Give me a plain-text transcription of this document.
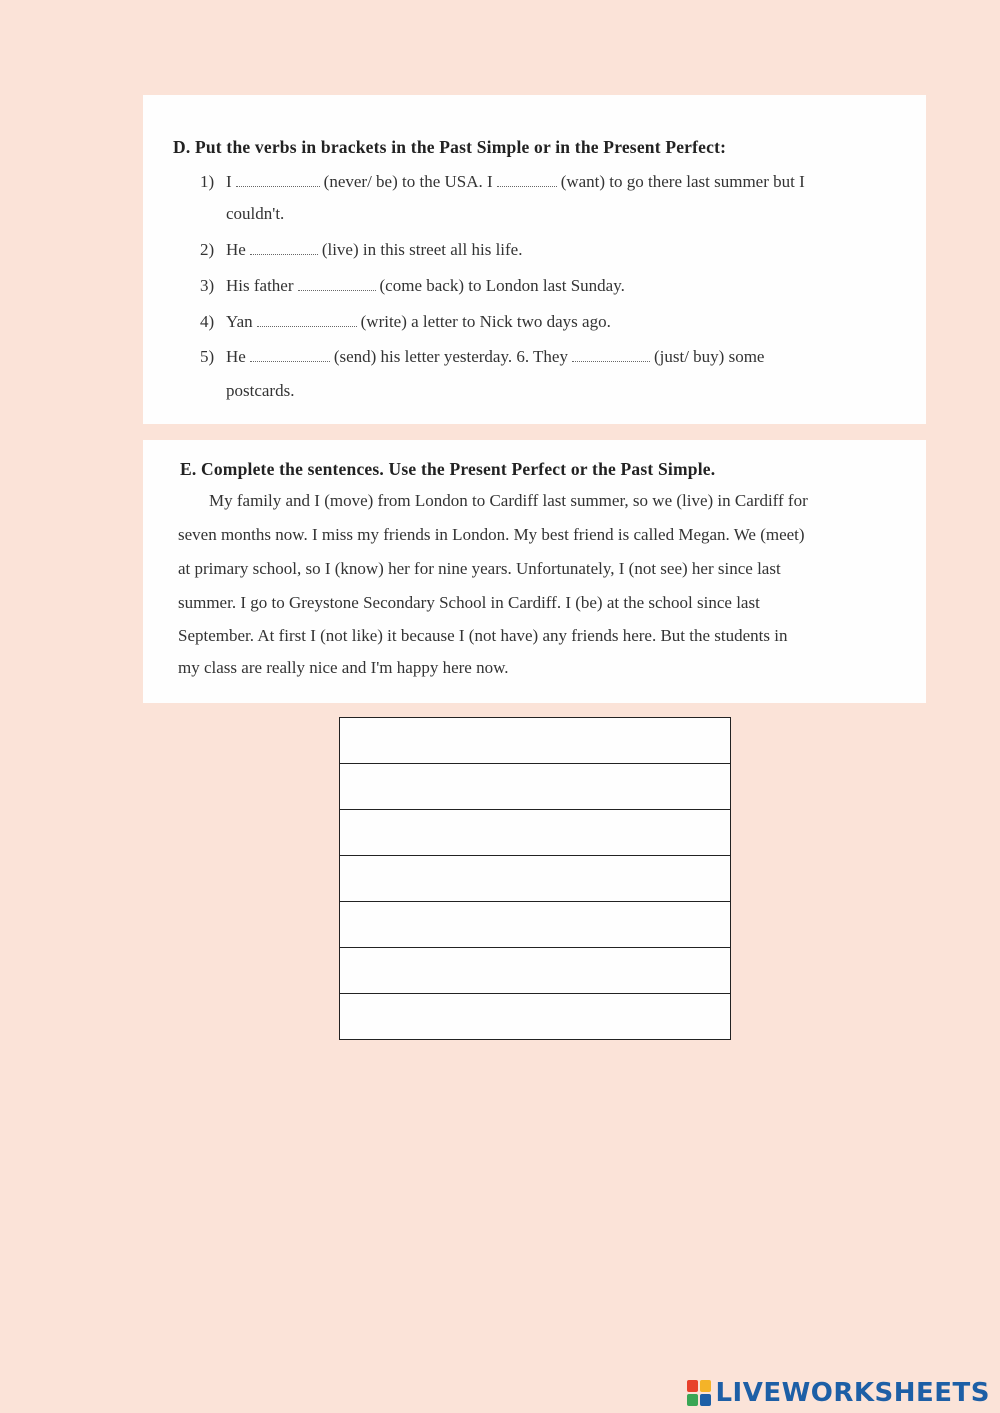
D. Put the verbs in brackets in the Past Simple or in the Present Perfect:
1) I	(never/ be) to the USA. I	(want) to go there last summer but I
couldn't.
2) He	(live) in this street all his life.
3) His father	(come back) to London last Sunday.
4) Yan	(write) a letter to Nick two days ago.
5) He	(send) his letter yesterday. 6. They	(just/ buy) some
postcards.
E. Complete the sentences. Use the Present Perfect or the Past Simple.
My family and I (move) from London to Cardiff last summer, so we (live) in Cardiff for
seven months now. I miss my friends in London. My best friend is called Megan. We (meet)
at primary school, so I (know) her for nine years. Unfortunately, I (not see) her since last
summer. I go to Greystone Secondary School in Cardiff. I (be) at the school since last
September. At first I (not like) it because I (not have) any friends here. But the students in
my class are really nice and I'm happy here now.

LIVEWORKSHEETS
